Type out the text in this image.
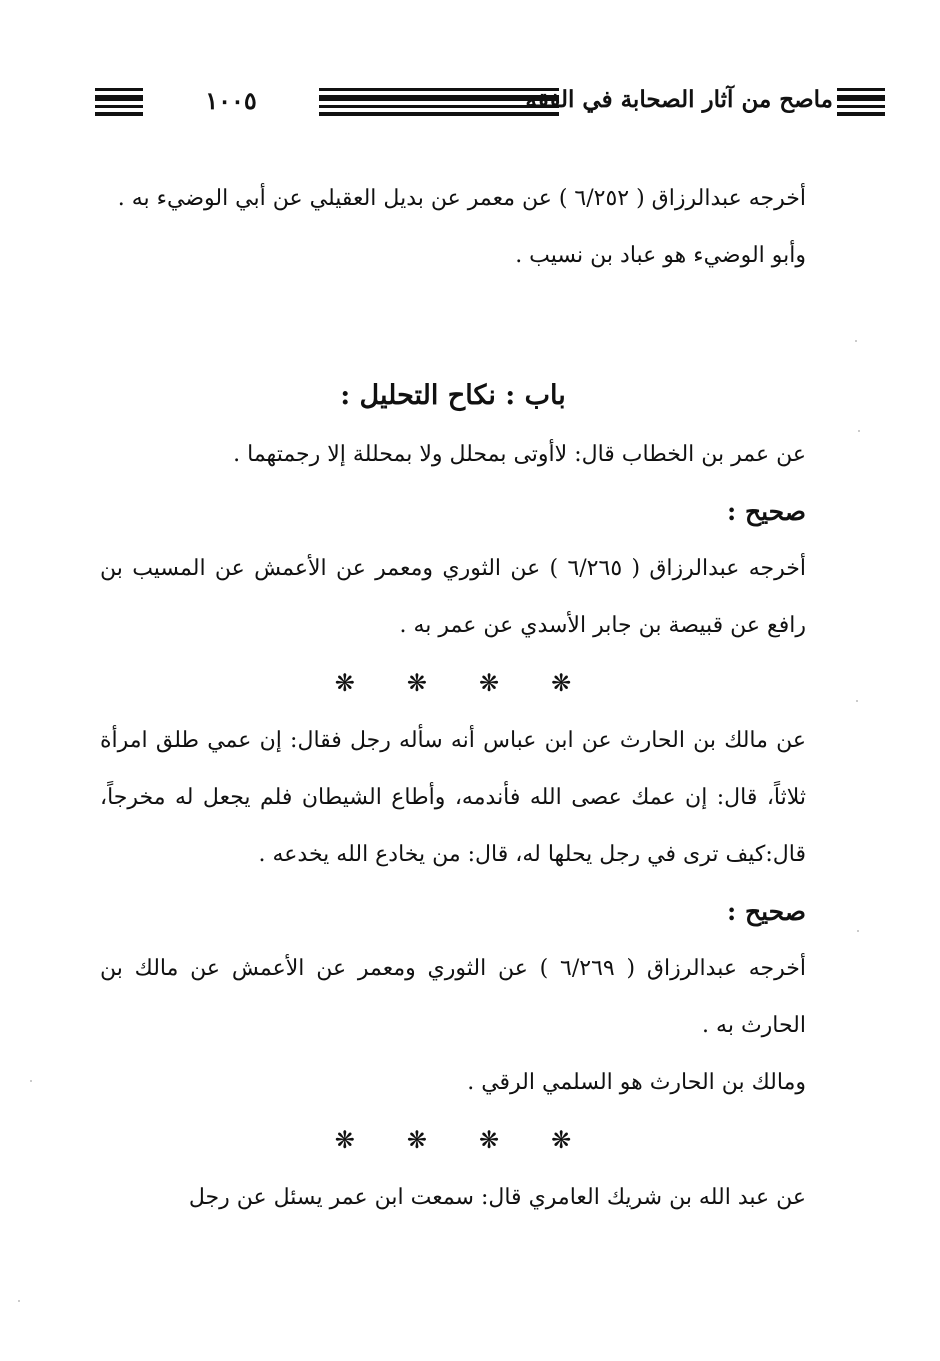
١٠٠٥	ماصح من آثار الصحابة في الفقه

أخرجه عبدالرزاق ( ٦/٢٥٢ ) عن معمر عن بديل العقيلي عن أبي الوضيء به .

وأبو الوضيء هو عباد بن نسيب .

باب : نكاح التحليل :

عن عمر بن الخطاب قال: لاأوتى بمحلل ولا بمحللة إلا رجمتهما .

صحيح :

أخرجه عبدالرزاق ( ٦/٢٦٥ ) عن الثوري ومعمر عن الأعمش عن المسيب بن رافع عن قبيصة بن جابر الأسدي عن عمر به .

❋ ❋ ❋ ❋

عن مالك بن الحارث عن ابن عباس أنه سأله رجل فقال: إن عمي طلق امرأة ثلاثاً، قال: إن عمك عصى الله فأندمه، وأطاع الشيطان فلم يجعل له مخرجاً، قال:كيف ترى في رجل يحلها له، قال: من يخادع الله يخدعه .

صحيح :

أخرجه عبدالرزاق ( ٦/٢٦٩ ) عن الثوري ومعمر عن الأعمش عن مالك بن الحارث به .

ومالك بن الحارث هو السلمي الرقي .

❋ ❋ ❋ ❋

عن عبد الله بن شريك العامري قال: سمعت ابن عمر يسئل عن رجل
